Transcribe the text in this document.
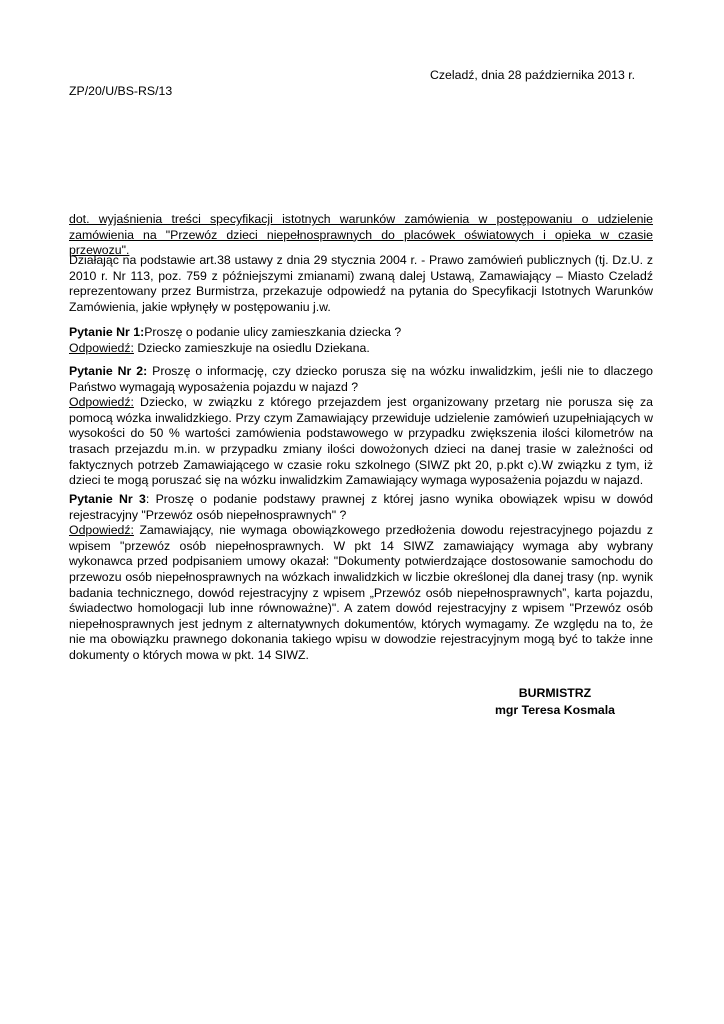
Czeladź, dnia 28 października 2013 r.
ZP/20/U/BS-RS/13

dot. wyjaśnienia treści specyfikacji istotnych warunków zamówienia w postępowaniu o udzielenie zamówienia na "Przewóz dzieci niepełnosprawnych do placówek oświatowych i opieka w czasie przewozu".

Działając na podstawie art.38 ustawy z dnia 29 stycznia 2004 r. - Prawo zamówień publicznych (tj. Dz.U. z 2010 r. Nr 113, poz. 759 z późniejszymi zmianami) zwaną dalej Ustawą, Zamawiający – Miasto Czeladź reprezentowany przez Burmistrza, przekazuje odpowiedź na pytania do Specyfikacji Istotnych Warunków Zamówienia, jakie wpłynęły w postępowaniu j.w.

Pytanie Nr 1:Proszę o podanie ulicy zamieszkania dziecka ?

Odpowiedź: Dziecko zamieszkuje na osiedlu Dziekana.

Pytanie Nr 2: Proszę o informację, czy dziecko porusza się na wózku inwalidzkim, jeśli nie to dlaczego Państwo wymagają wyposażenia pojazdu w najazd ?

Odpowiedź: Dziecko, w związku z którego przejazdem jest organizowany przetarg nie porusza się za pomocą wózka inwalidzkiego. Przy czym Zamawiający przewiduje udzielenie zamówień uzupełniających w wysokości do 50 % wartości zamówienia podstawowego w przypadku zwiększenia ilości kilometrów na trasach przejazdu m.in. w przypadku zmiany ilości dowożonych dzieci na danej trasie w zależności od faktycznych potrzeb Zamawiającego w czasie roku szkolnego (SIWZ pkt 20, p.pkt c).W związku z tym, iż dzieci te mogą poruszać się na wózku inwalidzkim Zamawiający wymaga wyposażenia pojazdu w najazd.

Pytanie Nr 3: Proszę o podanie podstawy prawnej z której jasno wynika obowiązek wpisu w dowód rejestracyjny "Przewóz osób niepełnosprawnych" ?

Odpowiedź: Zamawiający, nie wymaga obowiązkowego przedłożenia dowodu rejestracyjnego pojazdu z wpisem "przewóz osób niepełnosprawnych. W pkt 14 SIWZ zamawiający wymaga aby wybrany wykonawca przed podpisaniem umowy okazał: "Dokumenty potwierdzające dostosowanie samochodu do przewozu osób niepełnosprawnych na wózkach inwalidzkich w liczbie określonej dla danej trasy (np. wynik badania technicznego, dowód rejestracyjny z wpisem „Przewóz osób niepełnosprawnych”, karta pojazdu, świadectwo homologacji lub inne równoważne)". A zatem dowód rejestracyjny z wpisem "Przewóz osób niepełnosprawnych jest jednym z alternatywnych dokumentów, których wymagamy. Ze względu na to, że nie ma obowiązku prawnego dokonania takiego wpisu w dowodzie rejestracyjnym mogą być to także inne dokumenty o których mowa w pkt. 14 SIWZ.

BURMISTRZ
mgr Teresa Kosmala
